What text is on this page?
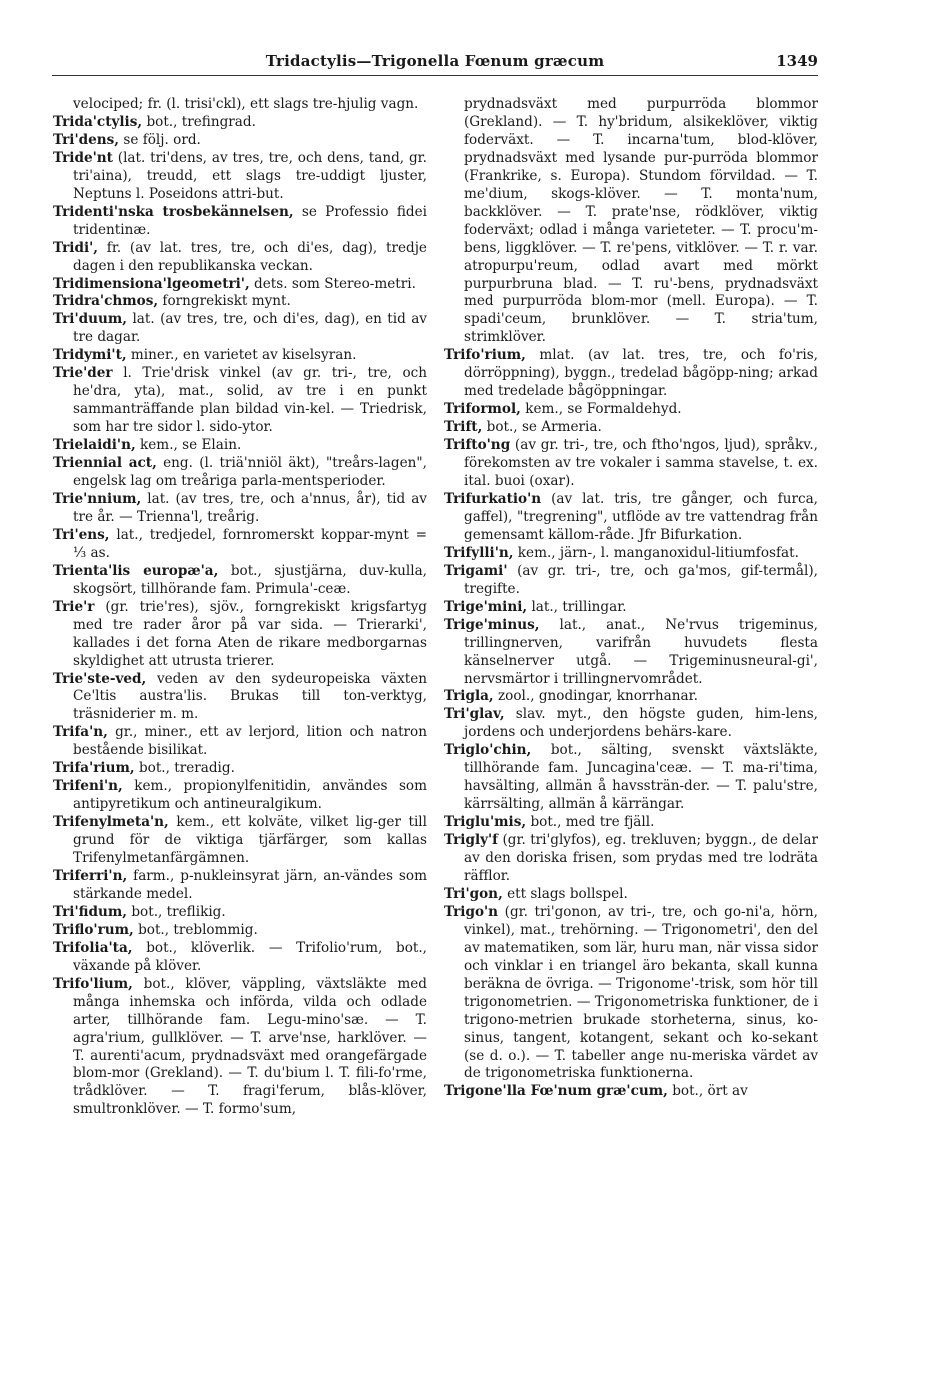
Tridactylis—Trigonella Fœnum græcum	1349

velociped; fr. (l. trisi'ckl), ett slags tre-hjulig vagn.

Trida'ctylis, bot., trefingrad.

Tri'dens, se följ. ord.

Tride'nt (lat. tri'dens, av tres, tre, och dens, tand, gr. tri'aina), treudd, ett slags tre-uddigt ljuster, Neptuns l. Poseidons attri-but.

Tridenti'nska trosbekännelsen, se Professio fidei tridentinæ.

Tridi', fr. (av lat. tres, tre, och di'es, dag), tredje dagen i den republikanska veckan.

Tridimensiona'lgeometri', dets. som Stereo-metri.

Tridra'chmos, forngrekiskt mynt.

Tri'duum, lat. (av tres, tre, och di'es, dag), en tid av tre dagar.

Tridymi't, miner., en varietet av kiselsyran.

Trie'der l. Trie'drisk vinkel (av gr. tri-, tre, och he'dra, yta), mat., solid, av tre i en punkt sammanträffande plan bildad vin-kel. — Triedrisk, som har tre sidor l. sido-ytor.

Trielaidi'n, kem., se Elain.

Triennial act, eng. (l. triä'nniöl äkt), "treårs-lagen", engelsk lag om treåriga parla-mentsperioder.

Trie'nnium, lat. (av tres, tre, och a'nnus, år), tid av tre år. — Trienna'l, treårig.

Tri'ens, lat., tredjedel, fornromerskt koppar-mynt = ⅓ as.

Trienta'lis europæ'a, bot., sjustjärna, duv-kulla, skogsört, tillhörande fam. Primula'-ceæ.

Trie'r (gr. trie'res), sjöv., forngrekiskt krigsfartyg med tre rader åror på var sida. — Trierarki', kallades i det forna Aten de rikare medborgarnas skyldighet att utrusta trierer.

Trie'ste-ved, veden av den sydeuropeiska växten Ce'ltis austra'lis. Brukas till ton-verktyg, träsniderier m. m.

Trifa'n, gr., miner., ett av lerjord, lition och natron bestående bisilikat.

Trifa'rium, bot., treradig.

Trifeni'n, kem., propionylfenitidin, användes som antipyretikum och antineuralgikum.

Trifenylmeta'n, kem., ett kolväte, vilket lig-ger till grund för de viktiga tjärfärger, som kallas Trifenylmetanfärgämnen.

Triferri'n, farm., p-nukleinsyrat järn, an-vändes som stärkande medel.

Tri'fidum, bot., treflikig.

Triflo'rum, bot., treblommig.

Trifolia'ta, bot., klöverlik. — Trifolio'rum, bot., växande på klöver.

Trifo'lium, bot., klöver, väppling, växtsläkte med många inhemska och införda, vilda och odlade arter, tillhörande fam. Legu-mino'sæ. — T. agra'rium, gullklöver. — T. arve'nse, harklöver. — T. aurenti'acum, prydnadsväxt med orangefärgade blom-mor (Grekland). — T. du'bium l. T. fili-fo'rme, trådklöver. — T. fragi'ferum, blås-klöver, smultronklöver. — T. formo'sum,

prydnadsväxt med purpurröda blommor (Grekland). — T. hy'bridum, alsikeklöver, viktig foderväxt. — T. incarna'tum, blod-klöver, prydnadsväxt med lysande pur-purröda blommor (Frankrike, s. Europa). Stundom förvildad. — T. me'dium, skogs-klöver. — T. monta'num, backklöver. — T. prate'nse, rödklöver, viktig foderväxt; odlad i många varieteter. — T. procu'm-bens, liggklöver. — T. re'pens, vitklöver. — T. r. var. atropurpu'reum, odlad avart med mörkt purpurbruna blad. — T. ru'-bens, prydnadsväxt med purpurröda blom-mor (mell. Europa). — T. spadi'ceum, brunklöver. — T. stria'tum, strimklöver.

Trifo'rium, mlat. (av lat. tres, tre, och fo'ris, dörröppning), byggn., tredelad bågöpp-ning; arkad med tredelade bågöppningar.

Triformol, kem., se Formaldehyd.

Trift, bot., se Armeria.

Trifto'ng (av gr. tri-, tre, och ftho'ngos, ljud), språkv., förekomsten av tre vokaler i samma stavelse, t. ex. ital. buoi (oxar).

Trifurkatio'n (av lat. tris, tre gånger, och furca, gaffel), "tregrening", utflöde av tre vattendrag från gemensamt källom-råde. Jfr Bifurkation.

Trifylli'n, kem., järn-, l. manganoxidul-litiumfosfat.

Trigami' (av gr. tri-, tre, och ga'mos, gif-termål), tregifte.

Trige'mini, lat., trillingar.

Trige'minus, lat., anat., Ne'rvus trigeminus, trillingnerven, varifrån huvudets flesta känselnerver utgå. — Trigeminusneural-gi', nervsmärtor i trillingnervområdet.

Trigla, zool., gnodingar, knorrhanar.

Tri'glav, slav. myt., den högste guden, him-lens, jordens och underjordens behärs-kare.

Triglo'chin, bot., sälting, svenskt växtsläkte, tillhörande fam. Juncagina'ceæ. — T. ma-ri'tima, havsälting, allmän å havssträn-der. — T. palu'stre, kärrsälting, allmän å kärrängar.

Triglu'mis, bot., med tre fjäll.

Trigly'f (gr. tri'glyfos), eg. trekluven; byggn., de delar av den doriska frisen, som prydas med tre lodräta räfflor.

Tri'gon, ett slags bollspel.

Trigo'n (gr. tri'gonon, av tri-, tre, och go-ni'a, hörn, vinkel), mat., trehörning. — Trigonometri', den del av matematiken, som lär, huru man, när vissa sidor och vinklar i en triangel äro bekanta, skall kunna beräkna de övriga. — Trigonome'-trisk, som hör till trigonometrien. — Trigonometriska funktioner, de i trigono-metrien brukade storheterna, sinus, ko-sinus, tangent, kotangent, sekant och ko-sekant (se d. o.). — T. tabeller ange nu-meriska värdet av de trigonometriska funktionerna.

Trigone'lla Fœ'num græ'cum, bot., ört av
